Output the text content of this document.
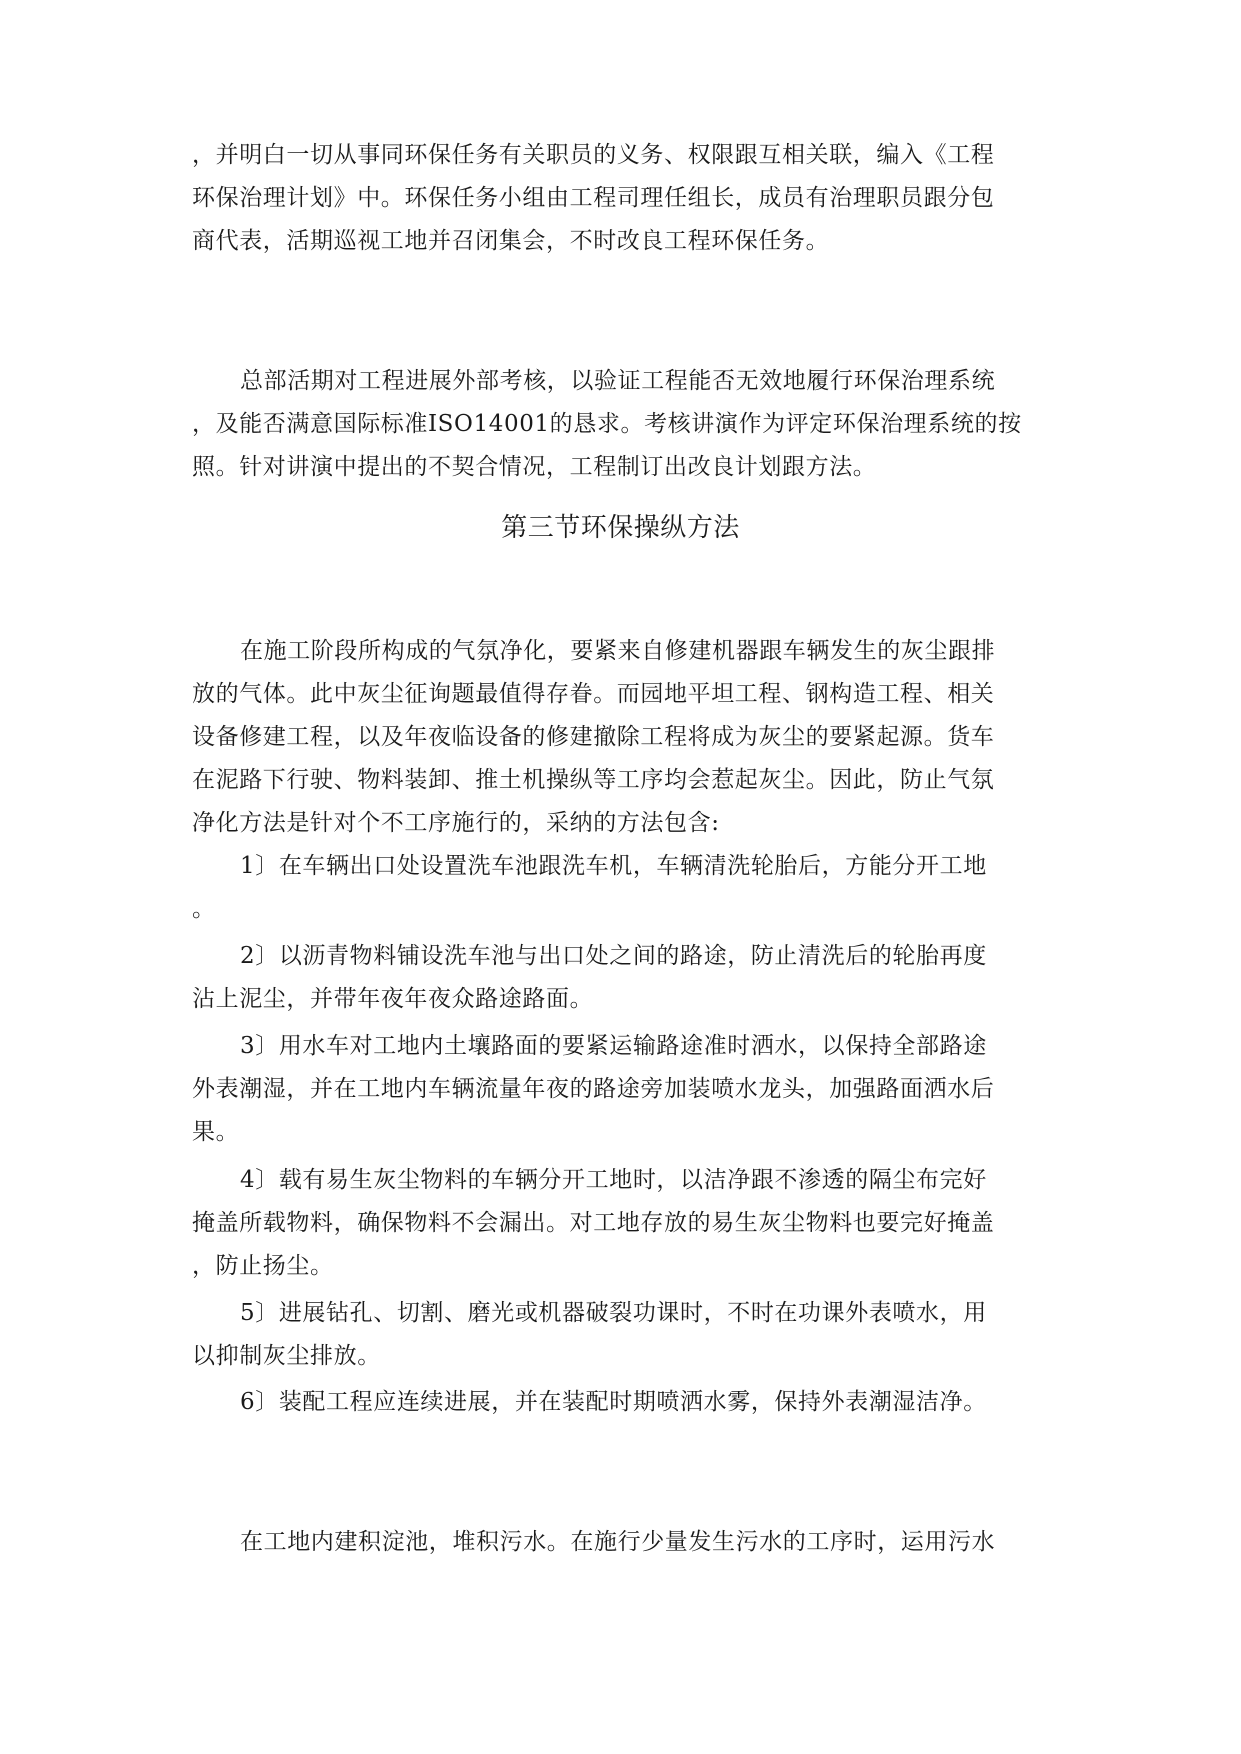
，并明白一切从事同环保任务有关职员的义务、权限跟互相关联，编入《工程
环保治理计划》中。环保任务小组由工程司理任组长，成员有治理职员跟分包
商代表，活期巡视工地并召闭集会，不时改良工程环保任务。
总部活期对工程进展外部考核，以验证工程能否无效地履行环保治理系统
，及能否满意国际标准ISO14001的恳求。考核讲演作为评定环保治理系统的按
照。针对讲演中提出的不契合情况，工程制订出改良计划跟方法。
第三节环保操纵方法
在施工阶段所构成的气氛净化，要紧来自修建机器跟车辆发生的灰尘跟排
放的气体。此中灰尘征询题最值得存眷。而园地平坦工程、钢构造工程、相关
设备修建工程，以及年夜临设备的修建撤除工程将成为灰尘的要紧起源。货车
在泥路下行驶、物料装卸、推土机操纵等工序均会惹起灰尘。因此，防止气氛
净化方法是针对个不工序施行的，采纳的方法包含:
1〕在车辆出口处设置洗车池跟洗车机，车辆清洗轮胎后，方能分开工地
。
2〕以沥青物料铺设洗车池与出口处之间的路途，防止清洗后的轮胎再度
沾上泥尘，并带年夜年夜众路途路面。
3〕用水车对工地内土壤路面的要紧运输路途准时洒水，以保持全部路途
外表潮湿，并在工地内车辆流量年夜的路途旁加装喷水龙头，加强路面洒水后
果。
4〕载有易生灰尘物料的车辆分开工地时，以洁净跟不渗透的隔尘布完好
掩盖所载物料，确保物料不会漏出。对工地存放的易生灰尘物料也要完好掩盖
，防止扬尘。
5〕进展钻孔、切割、磨光或机器破裂功课时，不时在功课外表喷水，用
以抑制灰尘排放。
6〕装配工程应连续进展，并在装配时期喷洒水雾，保持外表潮湿洁净。
在工地内建积淀池，堆积污水。在施行少量发生污水的工序时，运用污水
